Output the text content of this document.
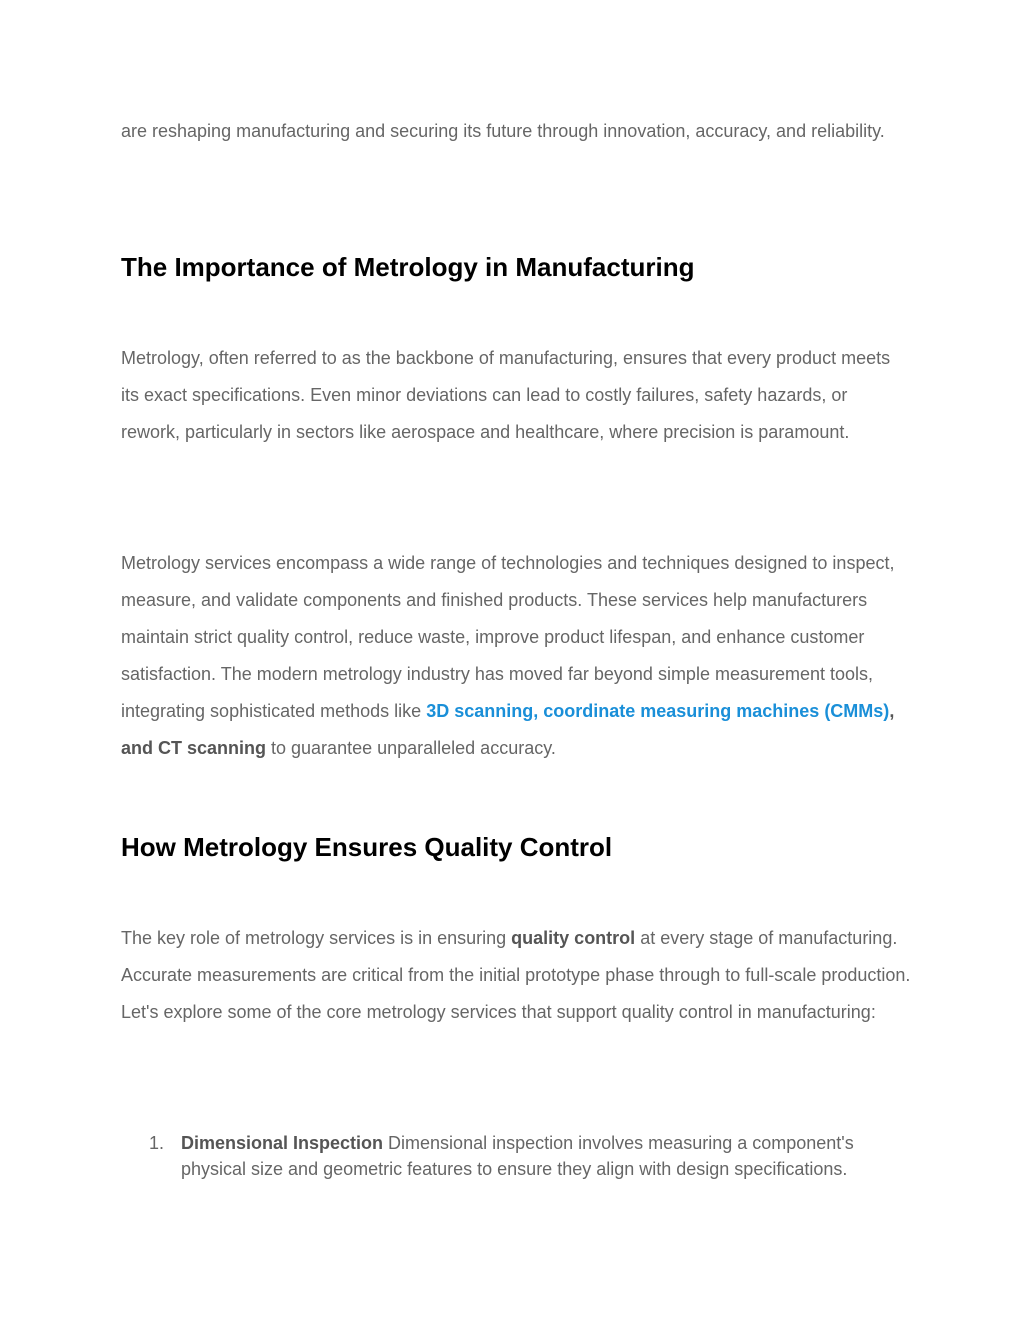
are reshaping manufacturing and securing its future through innovation, accuracy, and reliability.

The Importance of Metrology in Manufacturing

Metrology, often referred to as the backbone of manufacturing, ensures that every product meets its exact specifications. Even minor deviations can lead to costly failures, safety hazards, or rework, particularly in sectors like aerospace and healthcare, where precision is paramount.

Metrology services encompass a wide range of technologies and techniques designed to inspect, measure, and validate components and finished products. These services help manufacturers maintain strict quality control, reduce waste, improve product lifespan, and enhance customer satisfaction. The modern metrology industry has moved far beyond simple measurement tools, integrating sophisticated methods like 3D scanning, coordinate measuring machines (CMMs), and CT scanning to guarantee unparalleled accuracy.

How Metrology Ensures Quality Control

The key role of metrology services is in ensuring quality control at every stage of manufacturing. Accurate measurements are critical from the initial prototype phase through to full-scale production. Let's explore some of the core metrology services that support quality control in manufacturing:

1. Dimensional Inspection Dimensional inspection involves measuring a component's physical size and geometric features to ensure they align with design specifications.
